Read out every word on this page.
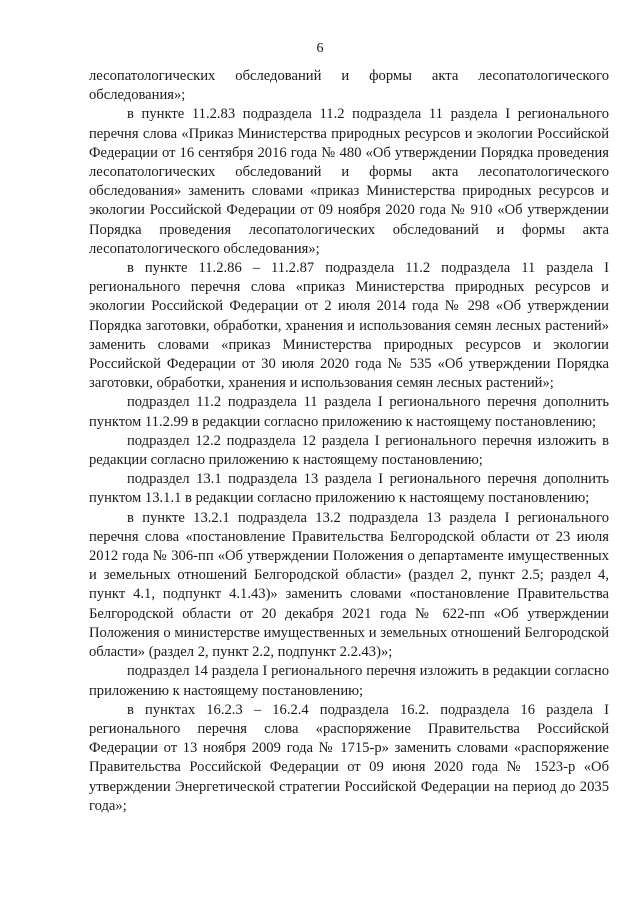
6

лесопатологических обследований и формы акта лесопатологического обследования»;

в пункте 11.2.83 подраздела 11.2 подраздела 11 раздела I регионального перечня слова «Приказ Министерства природных ресурсов и экологии Российской Федерации от 16 сентября 2016 года № 480 «Об утверждении Порядка проведения лесопатологических обследований и формы акта лесопатологического обследования» заменить словами «приказ Министерства природных ресурсов и экологии Российской Федерации от 09 ноября 2020 года № 910 «Об утверждении Порядка проведения лесопатологических обследований и формы акта лесопатологического обследования»;

в пункте 11.2.86 – 11.2.87 подраздела 11.2 подраздела 11 раздела I регионального перечня слова «приказ Министерства природных ресурсов и экологии Российской Федерации от 2 июля 2014 года № 298 «Об утверждении Порядка заготовки, обработки, хранения и использования семян лесных растений» заменить словами «приказ Министерства природных ресурсов и экологии Российской Федерации от 30 июля 2020 года № 535 «Об утверждении Порядка заготовки, обработки, хранения и использования семян лесных растений»;

подраздел 11.2 подраздела 11 раздела I регионального перечня дополнить пунктом 11.2.99 в редакции согласно приложению к настоящему постановлению;

подраздел 12.2 подраздела 12 раздела I регионального перечня изложить в редакции согласно приложению к настоящему постановлению;

подраздел 13.1 подраздела 13 раздела I регионального перечня дополнить пунктом 13.1.1 в редакции согласно приложению к настоящему постановлению;

в пункте 13.2.1 подраздела 13.2 подраздела 13 раздела I регионального перечня слова «постановление Правительства Белгородской области от 23 июля 2012 года № 306-пп «Об утверждении Положения о департаменте имущественных и земельных отношений Белгородской области» (раздел 2, пункт 2.5; раздел 4, пункт 4.1, подпункт 4.1.43)» заменить словами «постановление Правительства Белгородской области от 20 декабря 2021 года № 622-пп «Об утверждении Положения о министерстве имущественных и земельных отношений Белгородской области» (раздел 2, пункт 2.2, подпункт 2.2.43)»;

подраздел 14 раздела I регионального перечня изложить в редакции согласно приложению к настоящему постановлению;

в пунктах 16.2.3 – 16.2.4 подраздела 16.2. подраздела 16 раздела I регионального перечня слова «распоряжение Правительства Российской Федерации от 13 ноября 2009 года № 1715-р» заменить словами «распоряжение Правительства Российской Федерации от 09 июня 2020 года № 1523-р «Об утверждении Энергетической стратегии Российской Федерации на период до 2035 года»;
